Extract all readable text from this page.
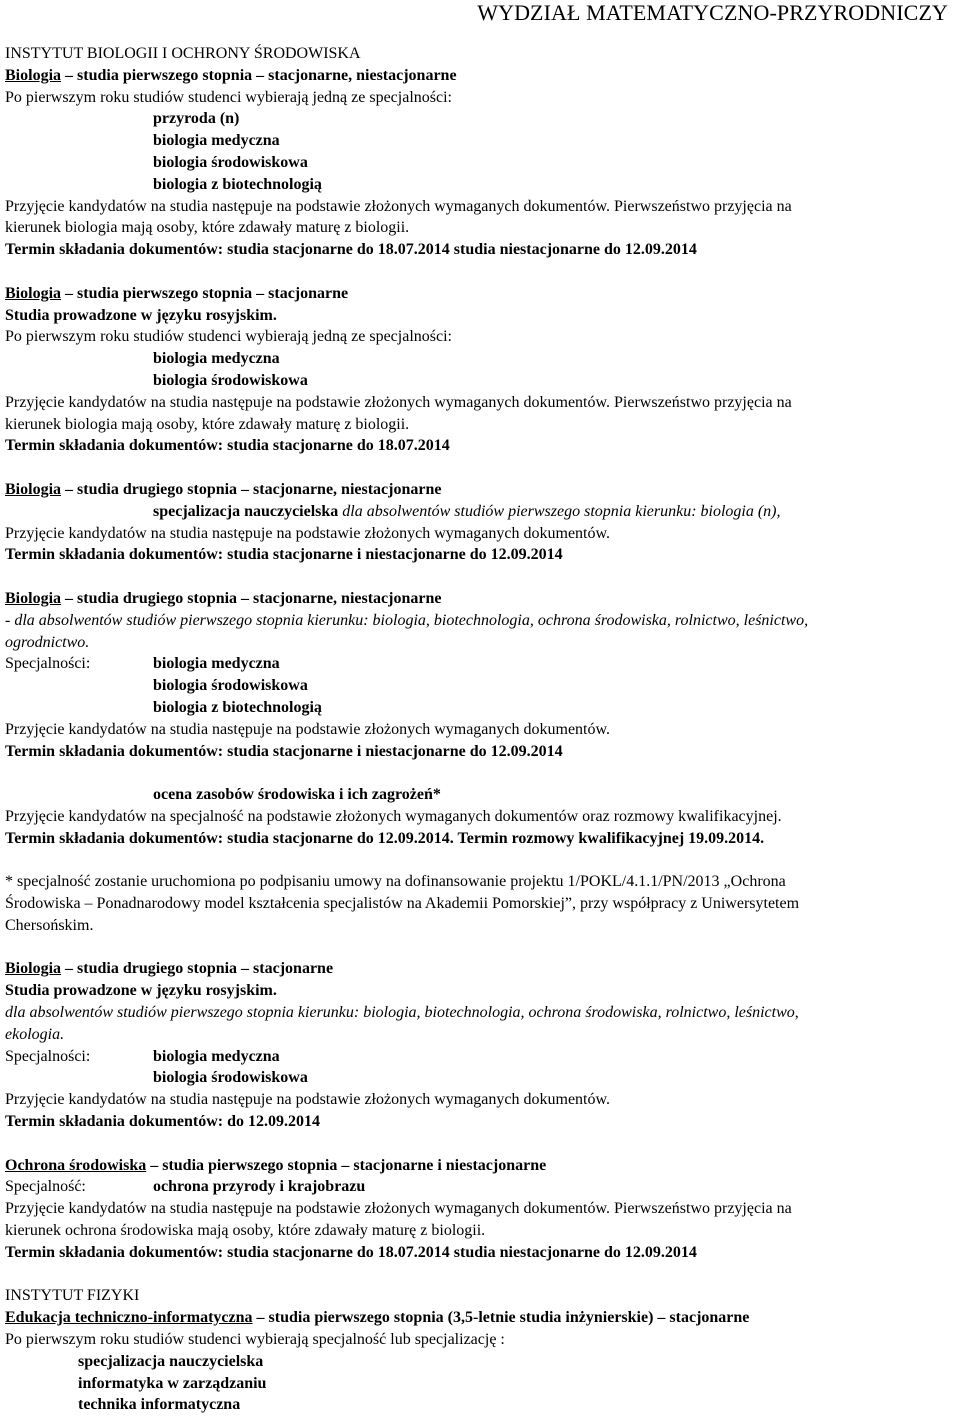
WYDZIAŁ MATEMATYCZNO-PRZYRODNICZY
INSTYTUT BIOLOGII I OCHRONY ŚRODOWISKA
Biologia – studia pierwszego stopnia – stacjonarne, niestacjonarne
Po pierwszym roku studiów studenci wybierają jedną ze specjalności:
przyroda (n)
biologia medyczna
biologia środowiskowa
biologia z biotechnologią
Przyjęcie kandydatów na studia następuje na podstawie złożonych wymaganych dokumentów. Pierwszeństwo przyjęcia na
kierunek biologia mają osoby, które zdawały maturę z biologii.
Termin składania dokumentów: studia stacjonarne do 18.07.2014 studia niestacjonarne do 12.09.2014
Biologia – studia pierwszego stopnia – stacjonarne
Studia prowadzone w języku rosyjskim.
Po pierwszym roku studiów studenci wybierają jedną ze specjalności:
biologia medyczna
biologia środowiskowa
Przyjęcie kandydatów na studia następuje na podstawie złożonych wymaganych dokumentów. Pierwszeństwo przyjęcia na
kierunek biologia mają osoby, które zdawały maturę z biologii.
Termin składania dokumentów: studia stacjonarne do 18.07.2014
Biologia – studia drugiego stopnia – stacjonarne, niestacjonarne
specjalizacja nauczycielska dla absolwentów studiów pierwszego stopnia kierunku: biologia (n),
Przyjęcie kandydatów na studia następuje na podstawie złożonych wymaganych dokumentów.
Termin składania dokumentów: studia stacjonarne i niestacjonarne do 12.09.2014
Biologia – studia drugiego stopnia – stacjonarne, niestacjonarne
- dla absolwentów studiów pierwszego stopnia kierunku: biologia, biotechnologia, ochrona środowiska, rolnictwo, leśnictwo,
ogrodnictwo.
Specjalności:	biologia medyczna
biologia środowiskowa
biologia z biotechnologią
Przyjęcie kandydatów na studia następuje na podstawie złożonych wymaganych dokumentów.
Termin składania dokumentów: studia stacjonarne i niestacjonarne do 12.09.2014
ocena zasobów środowiska i ich zagrożeń*
Przyjęcie kandydatów na specjalność na podstawie złożonych wymaganych dokumentów oraz rozmowy kwalifikacyjnej.
Termin składania dokumentów: studia stacjonarne do 12.09.2014. Termin rozmowy kwalifikacyjnej 19.09.2014.
* specjalność zostanie uruchomiona po podpisaniu umowy na dofinansowanie projektu 1/POKL/4.1.1/PN/2013 „Ochrona
Środowiska – Ponadnarodowy model kształcenia specjalistów na Akademii Pomorskiej”, przy współpracy z Uniwersytetem
Chersońskim.
Biologia – studia drugiego stopnia – stacjonarne
Studia prowadzone w języku rosyjskim.
dla absolwentów studiów pierwszego stopnia kierunku: biologia, biotechnologia, ochrona środowiska, rolnictwo, leśnictwo,
ekologia.
Specjalności:	biologia medyczna
biologia środowiskowa
Przyjęcie kandydatów na studia następuje na podstawie złożonych wymaganych dokumentów.
Termin składania dokumentów: do 12.09.2014
Ochrona środowiska – studia pierwszego stopnia – stacjonarne i niestacjonarne
Specjalność:	ochrona przyrody i krajobrazu
Przyjęcie kandydatów na studia następuje na podstawie złożonych wymaganych dokumentów. Pierwszeństwo przyjęcia na
kierunek ochrona środowiska mają osoby, które zdawały maturę z biologii.
Termin składania dokumentów: studia stacjonarne do 18.07.2014 studia niestacjonarne do 12.09.2014
INSTYTUT FIZYKI
Edukacja techniczno-informatyczna – studia pierwszego stopnia (3,5-letnie studia inżynierskie) – stacjonarne
Po pierwszym roku studiów studenci wybierają specjalność lub specjalizację :
specjalizacja nauczycielska
informatyka w zarządzaniu
technika informatyczna
